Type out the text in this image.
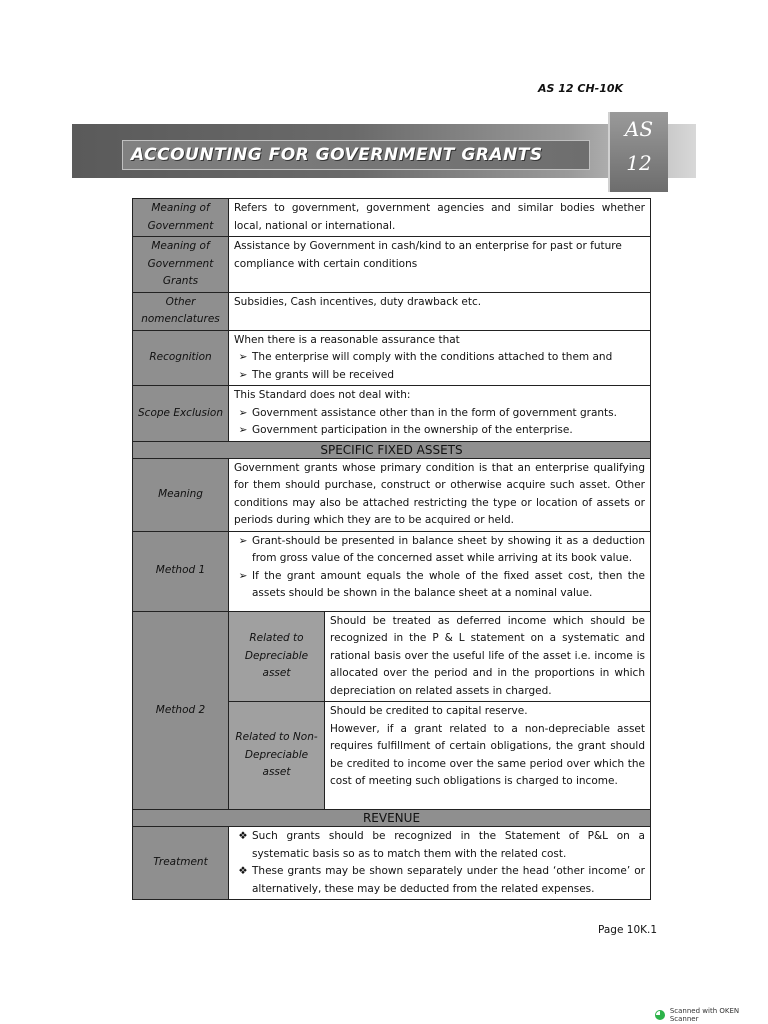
AS 12 CH-10K
ACCOUNTING FOR GOVERNMENT GRANTS
AS
12
Meaning of Government	Refers to government, government agencies and similar bodies whether local, national or international.	
Meaning of Government Grants	Assistance by Government in cash/kind to an enterprise for past or future compliance with certain conditions	
Other nomenclatures	Subsidies, Cash incentives, duty drawback etc.	
Recognition	When there is a reasonable assurance that
➢ The enterprise will comply with the conditions attached to them and
➢ The grants will be received	

Scope Exclusion	This Standard does not deal with:
➢ Government assistance other than in the form of government grants.
➢ Government participation in the ownership of the enterprise.	

SPECIFIC FIXED ASSETS		
Meaning	Government grants whose primary condition is that an enterprise qualifying for them should purchase, construct or otherwise acquire such asset. Other conditions may also be attached restricting the type or location of assets or periods during which they are to be acquired or held.	
Method 1	➢ Grant-should be presented in balance sheet by showing it as a deduction from gross value of the concerned asset while arriving at its book value.
➢ If the grant amount equals the whole of the fixed asset cost, then the assets should be shown in the balance sheet at a nominal value.	

Method 2	Related to Depreciable asset	Should be treated as deferred income which should be recognized in the P & L statement on a systematic and rational basis over the useful life of the asset i.e. income is allocated over the period and in the proportions in which depreciation on related assets in charged.
	Related to Non-Depreciable asset	Should be credited to capital reserve.
However, if a grant related to a non-depreciable asset requires fulfillment of certain obligations, the grant should be credited to income over the same period over which the cost of meeting such obligations is charged to income.

REVENUE		
Treatment	❖ Such grants should be recognized in the Statement of P&L on a systematic basis so as to match them with the related cost.
❖ These grants may be shown separately under the head ‘other income’ or alternatively, these may be deducted from the related expenses.	
Page 10K.1
Scanned with OKEN Scanner
